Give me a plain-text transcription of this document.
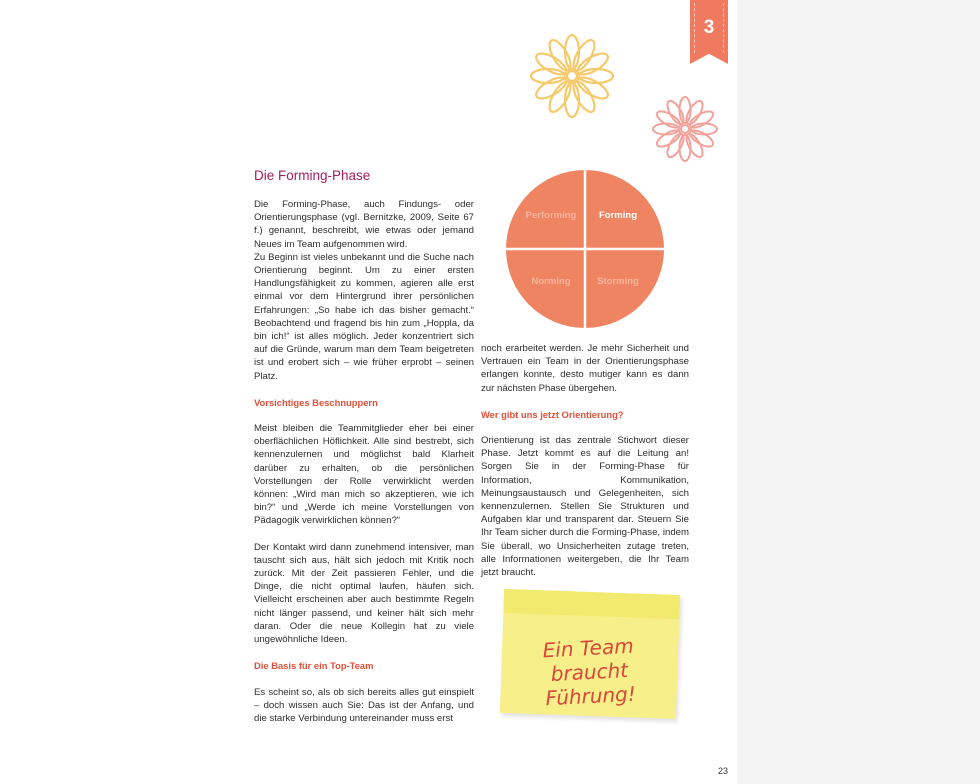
3
Die Forming-Phase

Die Forming-Phase, auch Findungs- oder Orientierungsphase (vgl. Bernitzke, 2009, Seite 67 f.) genannt, beschreibt, wie etwas oder jemand Neues im Team aufgenommen wird.

Zu Beginn ist vieles unbekannt und die Suche nach Orientierung beginnt. Um zu einer ersten Handlungsfähigkeit zu kommen, agieren alle erst einmal vor dem Hintergrund ihrer persönlichen Erfahrungen: „So habe ich das bisher gemacht.“ Beobachtend und fragend bis hin zum „Hoppla, da bin ich!“ ist alles möglich. Jeder konzentriert sich auf die Gründe, warum man dem Team beigetreten ist und erobert sich – wie früher erprobt – seinen Platz.

Vorsichtiges Beschnuppern

Meist bleiben die Teammitglieder eher bei einer oberflächlichen Höflichkeit. Alle sind bestrebt, sich kennenzulernen und möglichst bald Klarheit darüber zu erhalten, ob die persönlichen Vorstellungen der Rolle verwirklicht werden können: „Wird man mich so akzeptieren, wie ich bin?“ und „Werde ich meine Vorstellungen von Pädagogik verwirklichen können?“

Der Kontakt wird dann zunehmend intensiver, man tauscht sich aus, hält sich jedoch mit Kritik noch zurück. Mit der Zeit passieren Fehler, und die Dinge, die nicht optimal laufen, häufen sich. Vielleicht erscheinen aber auch bestimmte Regeln nicht länger passend, und keiner hält sich mehr daran. Oder die neue Kollegin hat zu viele ungewöhnliche Ideen.

Die Basis für ein Top-Team

Es scheint so, als ob sich bereits alles gut einspielt – doch wissen auch Sie: Das ist der Anfang, und die starke Verbindung untereinander muss erst

Performing Forming
Norming	Storming

noch erarbeitet werden. Je mehr Sicherheit und Vertrauen ein Team in der Orientierungsphase erlangen konnte, desto mutiger kann es dann zur nächsten Phase übergehen.

Wer gibt uns jetzt Orientierung?

Orientierung ist das zentrale Stichwort dieser Phase. Jetzt kommt es auf die Leitung an! Sorgen Sie in der Forming-Phase für Information, Kommunikation, Meinungsaustausch und Gelegenheiten, sich kennenzulernen. Stellen Sie Strukturen und Aufgaben klar und transparent dar. Steuern Sie Ihr Team sicher durch die Forming-Phase, indem Sie überall, wo Unsicherheiten zutage treten, alle Informationen weitergeben, die Ihr Team jetzt braucht.

Ein Team
braucht Führung!
23
